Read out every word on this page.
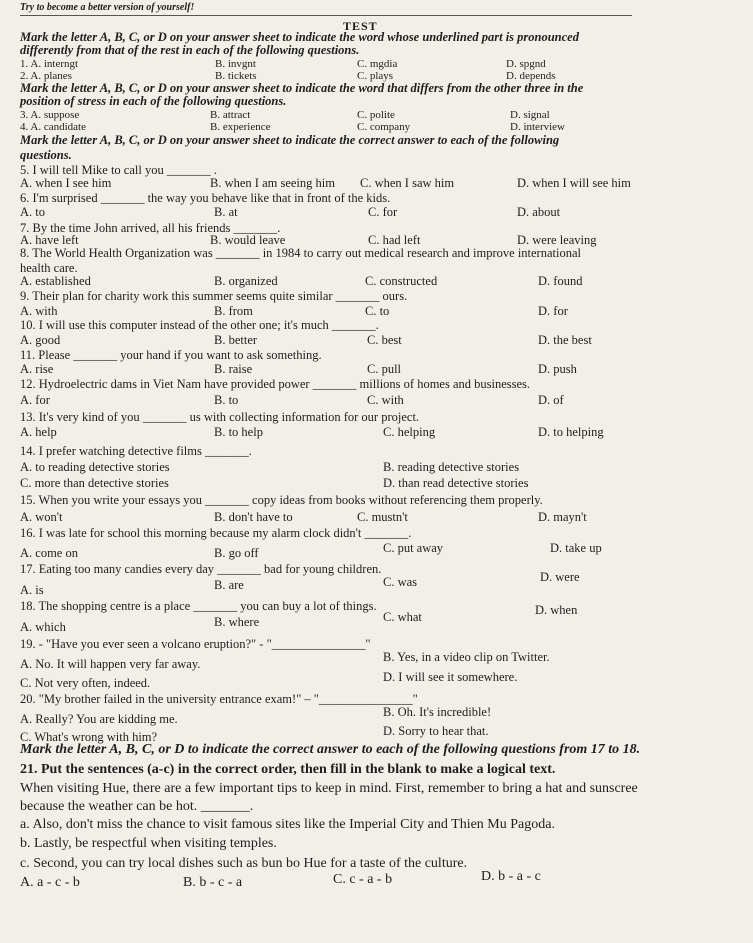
Try to become a better version of yourself!
TEST
Mark the letter A, B, C, or D on your answer sheet to indicate the word whose underlined part is pronounced
differently from that of the rest in each of the following questions.
1. A. interngt	B. invgnt	C. mgdia	D. spgnd
2. A. planes	B. tickets	C. plays	D. depends
Mark the letter A, B, C, or D on your answer sheet to indicate the word that differs from the other three in the
position of stress in each of the following questions.
3. A. suppose	B. attract	C. polite	D. signal
4. A. candidate	B. experience	C. company	D. interview
Mark the letter A, B, C, or D on your answer sheet to indicate the correct answer to each of the following
questions.
5. I will tell Mike to call you _______ .
A. when I see him	B. when I am seeing him C. when I saw him	D. when I will see him
6. I'm surprised _______ the way you behave like that in front of the kids.
A. to	B. at	C. for	D. about
7. By the time John arrived, all his friends _______.
A. have left	B. would leave	C. had left	D. were leaving
8. The World Health Organization was _______ in 1984 to carry out medical research and improve international
health care.
A. established	B. organized	C. constructed	D. found
9. Their plan for charity work this summer seems quite similar _______ ours.
A. with	B. from	C. to	D. for
10. I will use this computer instead of the other one; it's much _______.
A. good	B. better	C. best	D. the best
11. Please _______ your hand if you want to ask something.
A. rise	B. raise	C. pull	D. push
12. Hydroelectric dams in Viet Nam have provided power _______ millions of homes and businesses.
A. for	B. to	C. with	D. of
13. It's very kind of you _______ us with collecting information for our project.
A. help	B. to help	C. helping	D. to helping
14. I prefer watching detective films _______.
A. to reading detective stories	B. reading detective stories
C. more than detective stories	D. than read detective stories
15. When you write your essays you _______ copy ideas from books without referencing them properly.
A. won't	B. don't have to	C. mustn't	D. mayn't
16. I was late for school this morning because my alarm clock didn't _______.
A. come on	B. go off	C. put away	D. take up
17. Eating too many candies every day _______ bad for young children.
A. is	B. are	C. was	D. were
18. The shopping centre is a place _______ you can buy a lot of things.
A. which	B. where	C. what	D. when
19. - "Have you ever seen a volcano eruption?" - "_______________"
A. No. It will happen very far away.	B. Yes, in a video clip on Twitter.
C. Not very often, indeed.	D. I will see it somewhere.
20. "My brother failed in the university entrance exam!" – "_______________"
A. Really? You are kidding me.	B. Oh. It's incredible!
C. What's wrong with him?	D. Sorry to hear that.
Mark the letter A, B, C, or D to indicate the correct answer to each of the following questions from 17 to 18.
21. Put the sentences (a-c) in the correct order, then fill in the blank to make a logical text.
When visiting Hue, there are a few important tips to keep in mind. First, remember to bring a hat and sunscree
because the weather can be hot. _______.
a. Also, don't miss the chance to visit famous sites like the Imperial City and Thien Mu Pagoda.
b. Lastly, be respectful when visiting temples.
c. Second, you can try local dishes such as bun bo Hue for a taste of the culture.
A. a - c - b	B. b - c - a	C. c - a - b	D. b - a - c
